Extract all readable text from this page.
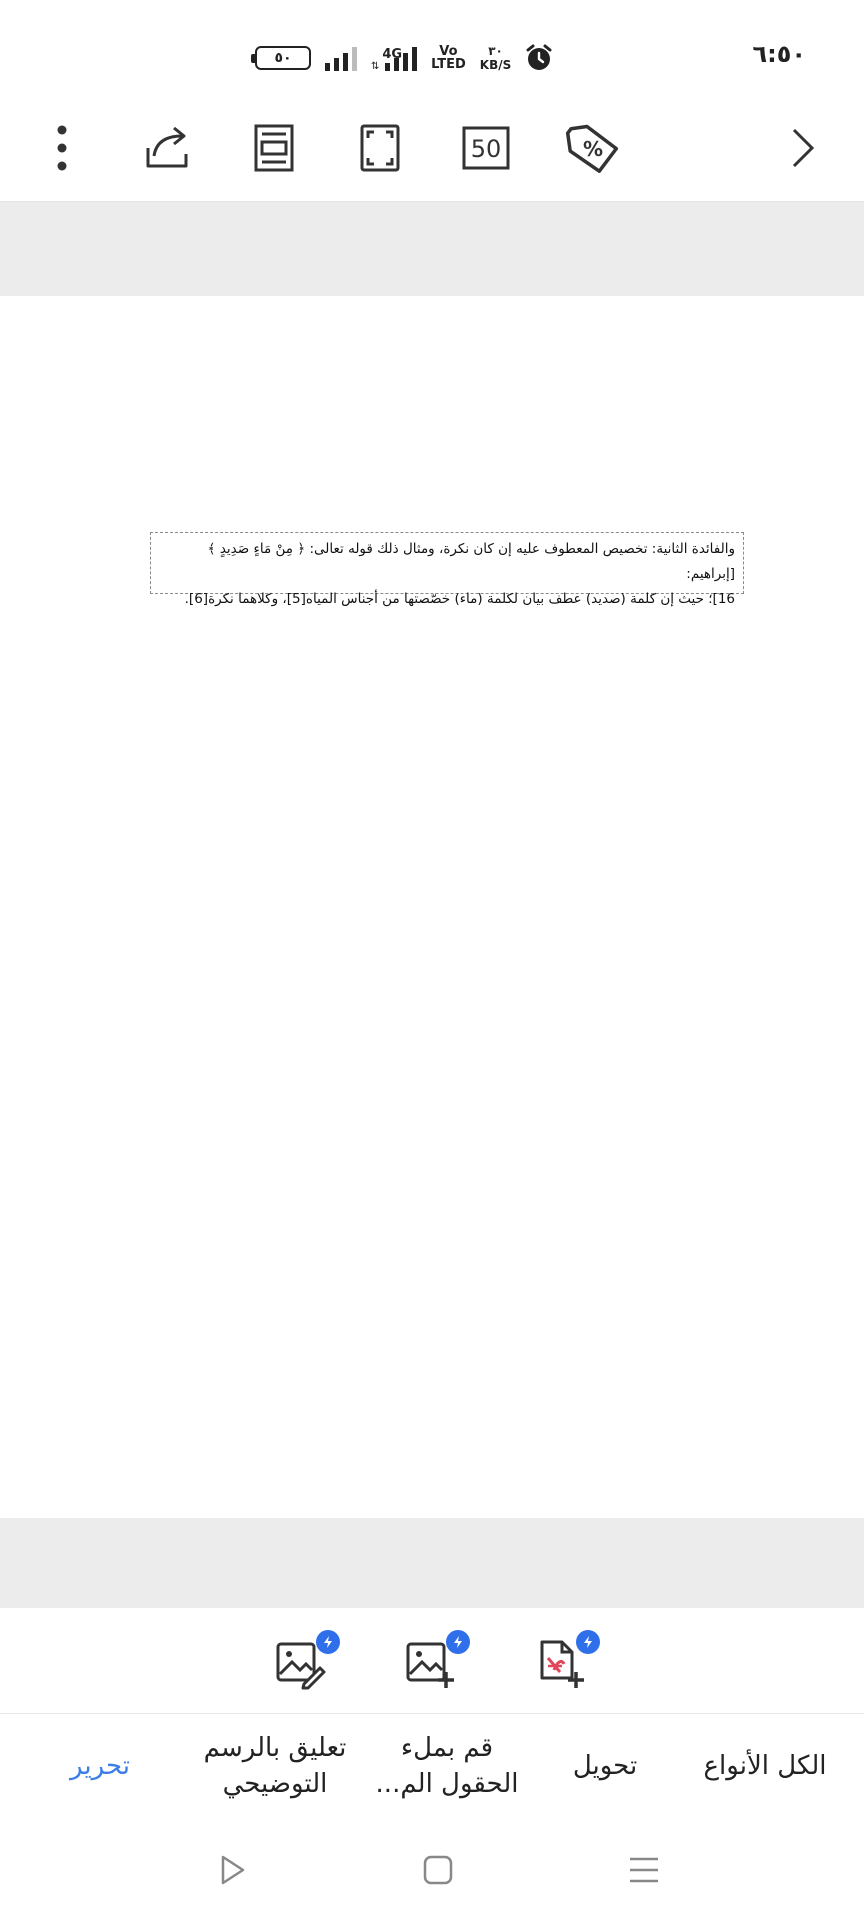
٥٠
⇅
4G	Vo
LTED
٣٠
KB/S	٦:٥٠
50	%
والفائدة الثانية: تخصيص المعطوف عليه إن كان نكرة، ومثال ذلك قوله تعالى: ﴿ مِنْ مَاءٍ صَدِيدٍ ﴾ [إبراهيم:
16]؛ حيث إن كلمة (صديد) عطف بيان لكلمة (ماء) خصّصتها من أجناس المياه[5]، وكلاهما نكرة[6].
الكل الأنواع
تحويل
قم بملء
الحقول الم...
تعليق بالرسم
التوضيحي
تحرير
